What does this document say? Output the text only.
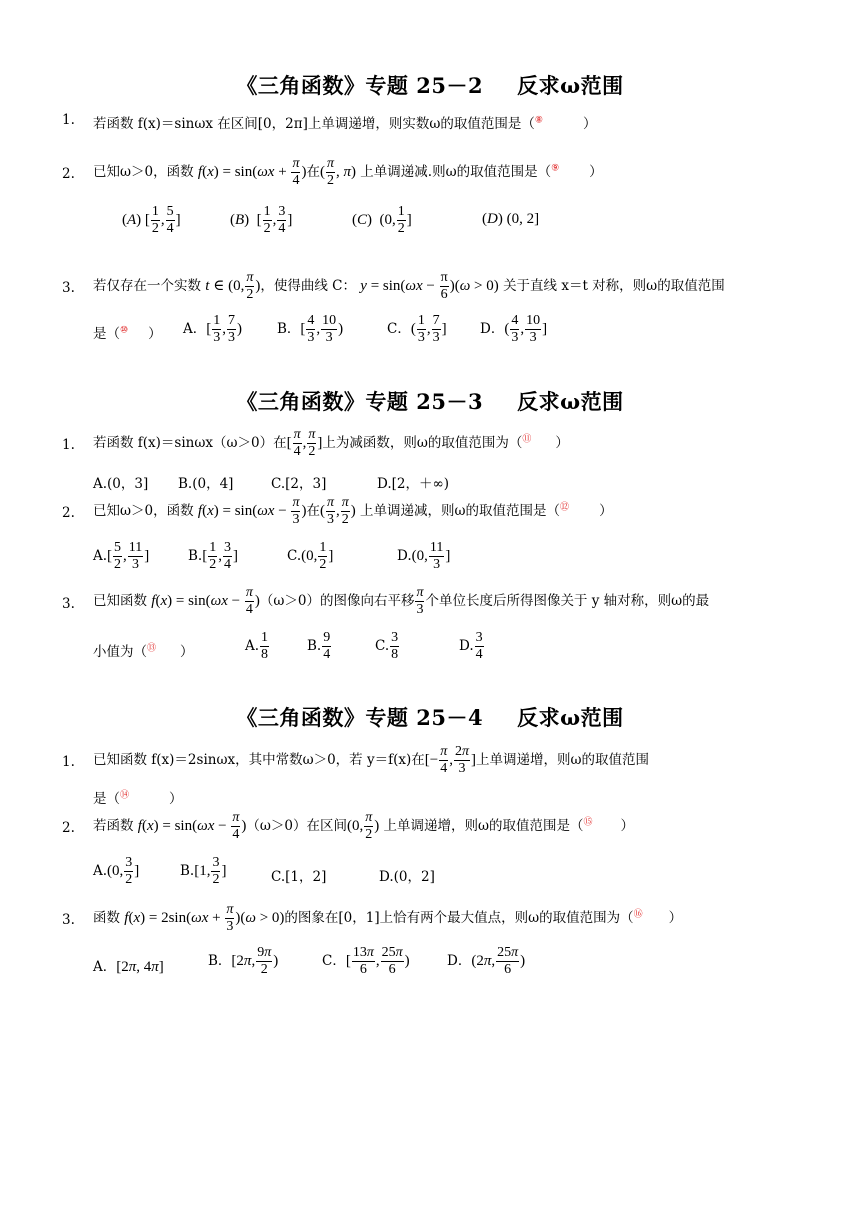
《三角函数》专题 25－2 反求ω范围
1. 若函数 f(x)＝sinωx 在区间[0，2π]上单调递增，则实数ω的取值范围是（⑧	）
2. 已知ω＞0，函数 $f(x) = \sin(\omega x + \frac{\pi}{4}$ )在( $\frac{\pi}{2}$ , π) 上单调递减.则ω的取值范围是（⑨ ）
(A) [ $\frac{1}{2}$ , $\frac{5}{4}$ ]	(B)  [ $\frac{1}{2}$ , $\frac{3}{4}$ ]	(C)  (0, $\frac{1}{2}$ ]	(D) (0, 2]
3. 若仅存在一个实数 t ∈ (0, $\frac{\pi}{2}$ )，使得曲线 C： $y = \sin(\omega x - \frac{\pi}{6} )(\omega > 0)$ 关于直线 x＝t 对称，则ω的取值范围
是（⑩ ） A．[ $\frac{1}{3}$ , $\frac{7}{3}$ )	B．[ $\frac{4}{3}$ , $\frac{10}{3}$ )	C．( $\frac{1}{3}$ , $\frac{7}{3}$ ] D．( $\frac{4}{3}$ , $\frac{10}{3}$ ]
《三角函数》专题 25－3 反求ω范围
1. 若函数 f(x)＝sinωx（ω＞0）在[ $\frac{\pi}{4}$ , $\frac{\pi}{2}$ ]上为减函数，则ω的取值范围为（⑪ ）
A.(0，3] B.(0，4]	C.[2，3]	D.[2，＋∞)
2. 已知ω＞0，函数 $f(x) = \sin(\omega x - \frac{\pi}{3}$ )在( $\frac{\pi}{3}$ , $\frac{\pi}{2}$ ) 上单调递减，则ω的取值范围是（⑫ ）
$A.[ \frac{5}{2}$ , $\frac{11}{3}$ ]	$B.[ \frac{1}{2}$ , $\frac{3}{4}$ ]	C.(0, $\frac{1}{2}$ ]	D.(0, $\frac{11}{3}$ ]
3. 已知函数 $f(x) = \sin(\omega x - \frac{\pi}{4} )(\omega>0)$的图像向右平移 $\frac{\pi}{3}$ 个单位长度后所得图像关于 y 轴对称，则ω的最
小值为（⑬ ）	A. $\frac{1}{8}$	B. $\frac{9}{4}$	C. $\frac{3}{8}$	D. $\frac{3}{4}$
《三角函数》专题 25－4 反求ω范围
1. 已知函数 f(x)＝2sinωx，其中常数ω＞0，若 y＝f(x)在[− $\frac{\pi}{4}$ , $\frac{2\pi}{3}$ ]上单调递增，则ω的取值范围
是（⑭	）
2. 若函数 $f(x) = \sin(\omega x - \frac{\pi}{4} )(\omega>0)$在区间(0, $\frac{\pi}{2}$ ) 上单调递增，则ω的取值范围是（⑮ ）
A.(0, $\frac{3}{2}$ ]	B.[1, $\frac{3}{2}$ ]	C.[1，2]	D.(0，2]
3. 函数 $f(x) = 2\sin(\omega x + \frac{\pi}{3} )(\omega > 0)$的图象在[0，1]上恰有两个最大值点，则ω的取值范围为（⑯ ）
A．[2π, 4π]	B．[2π, $\frac{9\pi}{2}$ )	C．[ $\frac{13\pi}{6}$ , $\frac{25\pi}{6}$ )	D．(2π, $\frac{25\pi}{6}$ )
